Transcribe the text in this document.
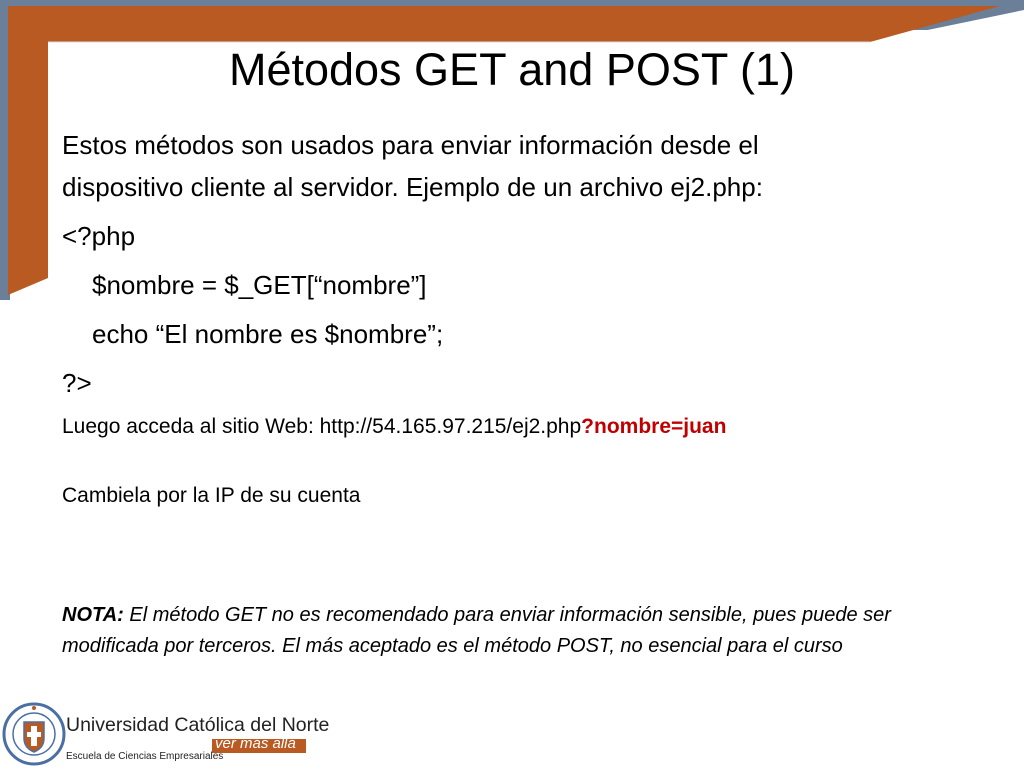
Métodos GET and POST (1)
Estos métodos son usados para enviar información desde el
dispositivo cliente al servidor. Ejemplo de un archivo ej2.php:
<?php
$nombre = $_GET[“nombre”]
echo “El nombre es $nombre”;
?>
Luego acceda al sitio Web: http://54.165.97.215/ej2.php?nombre=juan
Cambiela por la IP de su cuenta
NOTA: El método GET no es recomendado para enviar información sensible, pues puede ser modificada por terceros. El más aceptado es el método POST, no esencial para el curso
Universidad Católica del Norte
ver más allá
Escuela de Ciencias Empresariales
